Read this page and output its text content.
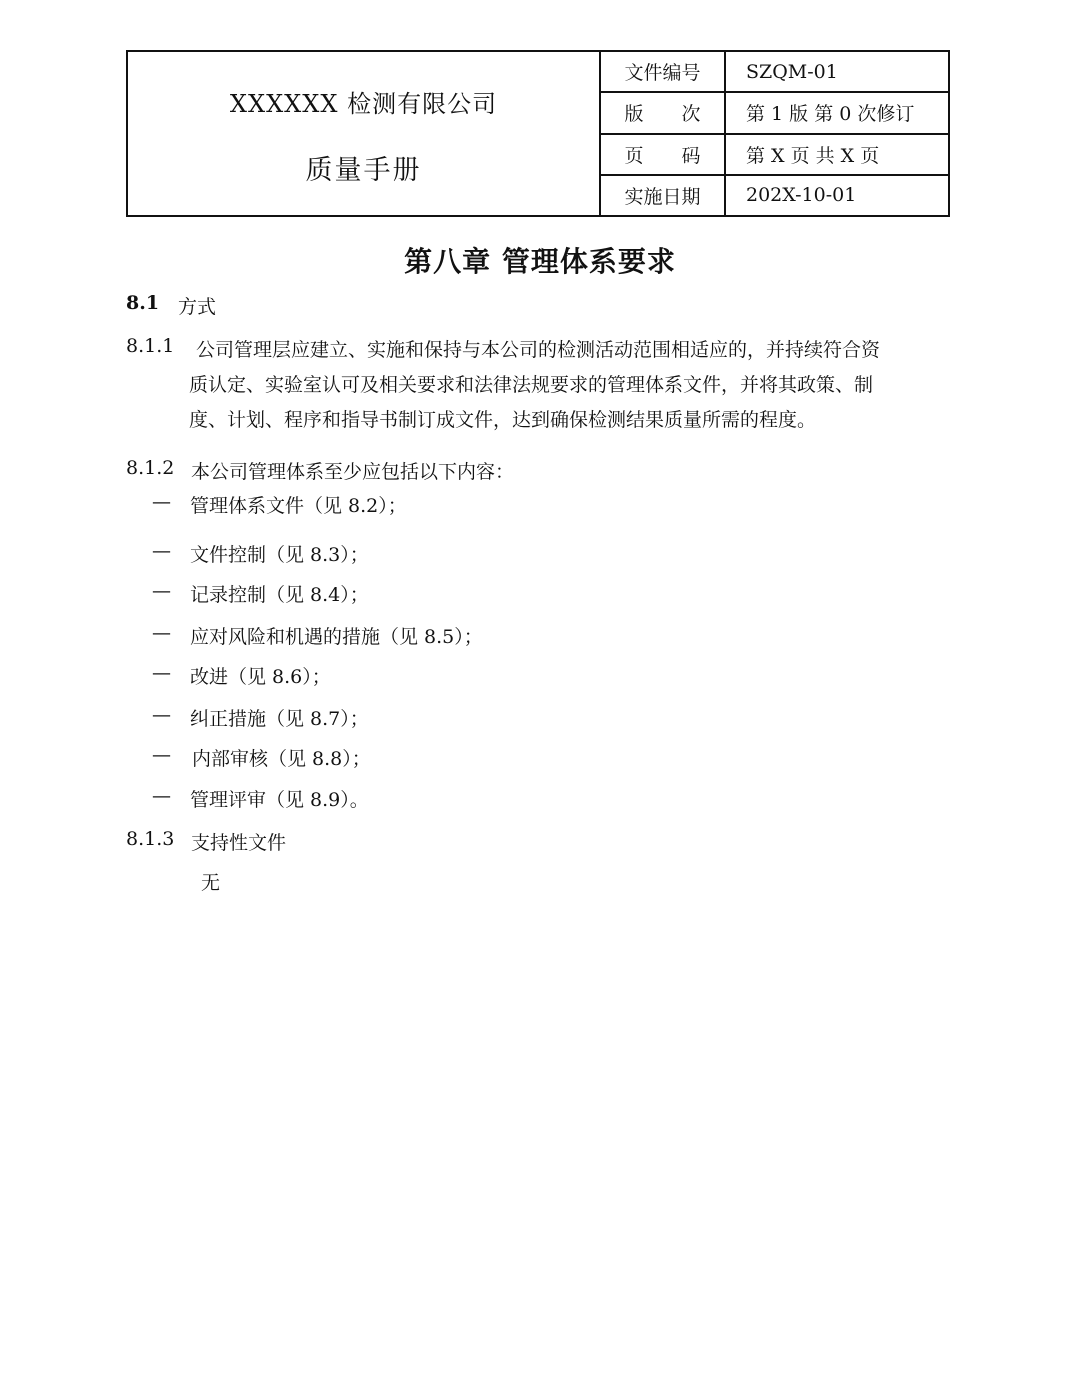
XXXXXX 检测有限公司
质量手册
文件编号	SZQM-01
版　　次	第 1 版 第 0 次修订
页　　码	第 X 页 共 X 页
实施日期	202X-10-01
第八章 管理体系要求
8.1 方式
8.1.1 公司管理层应建立、实施和保持与本公司的检测活动范围相适应的，并持续符合资
质认定、实验室认可及相关要求和法律法规要求的管理体系文件，并将其政策、制
度、计划、程序和指导书制订成文件，达到确保检测结果质量所需的程度。
8.1.2 本公司管理体系至少应包括以下内容：
— 管理体系文件（见 8.2）；
— 文件控制（见 8.3）；
— 记录控制（见 8.4）；
— 应对风险和机遇的措施（见 8.5）；
— 改进（见 8.6）；
— 纠正措施（见 8.7）；
— 内部审核（见 8.8）；
— 管理评审（见 8.9）。
8.1.3 支持性文件
无
